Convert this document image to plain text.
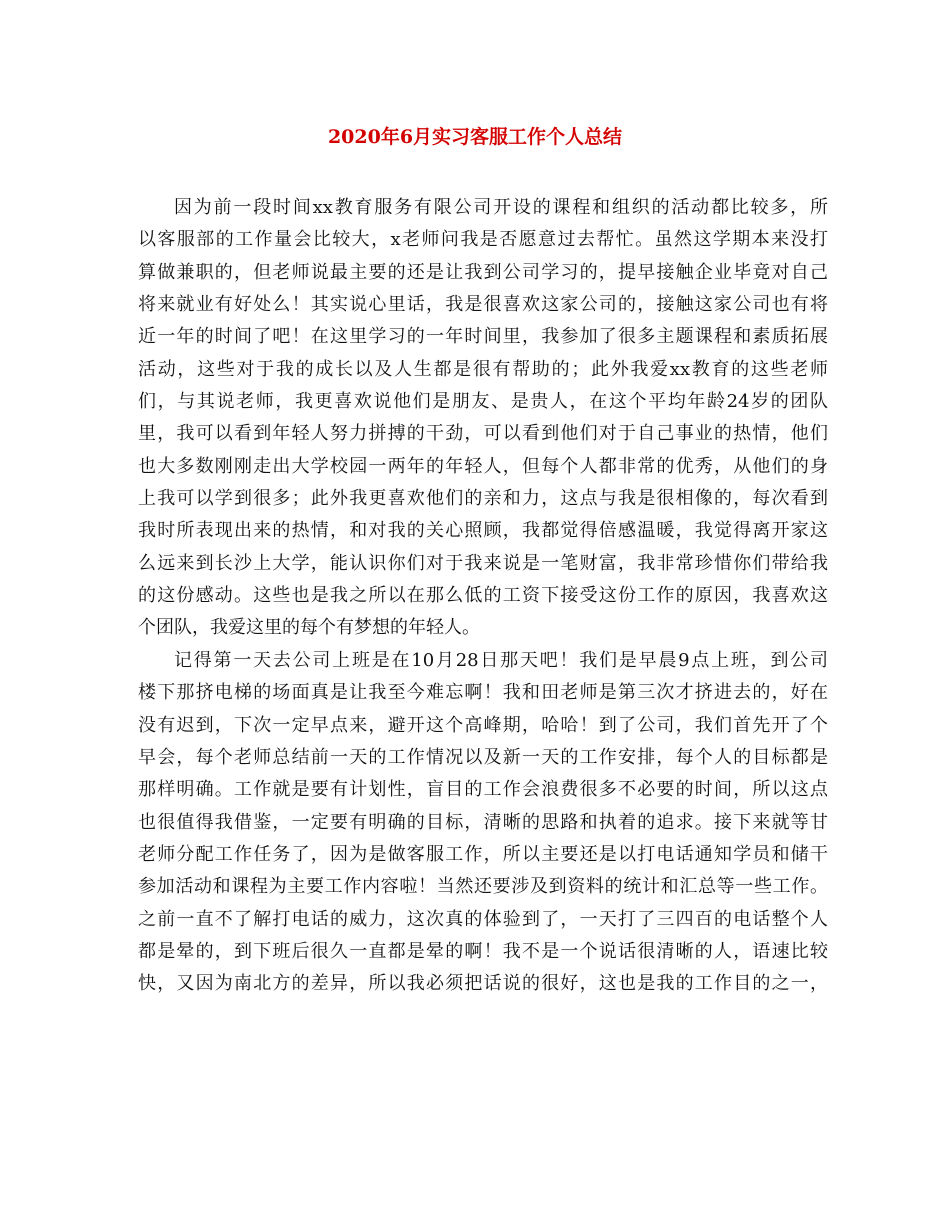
2020年6月实习客服工作个人总结
因为前一段时间xx教育服务有限公司开设的课程和组织的活动都比较多，所
以客服部的工作量会比较大，x老师问我是否愿意过去帮忙。虽然这学期本来没打
算做兼职的，但老师说最主要的还是让我到公司学习的，提早接触企业毕竟对自己
将来就业有好处么！其实说心里话，我是很喜欢这家公司的，接触这家公司也有将
近一年的时间了吧！在这里学习的一年时间里，我参加了很多主题课程和素质拓展
活动，这些对于我的成长以及人生都是很有帮助的；此外我爱xx教育的这些老师
们，与其说老师，我更喜欢说他们是朋友、是贵人，在这个平均年龄24岁的团队
里，我可以看到年轻人努力拼搏的干劲，可以看到他们对于自己事业的热情，他们
也大多数刚刚走出大学校园一两年的年轻人，但每个人都非常的优秀，从他们的身
上我可以学到很多；此外我更喜欢他们的亲和力，这点与我是很相像的，每次看到
我时所表现出来的热情，和对我的关心照顾，我都觉得倍感温暖，我觉得离开家这
么远来到长沙上大学，能认识你们对于我来说是一笔财富，我非常珍惜你们带给我
的这份感动。这些也是我之所以在那么低的工资下接受这份工作的原因，我喜欢这
个团队，我爱这里的每个有梦想的年轻人。
记得第一天去公司上班是在10月28日那天吧！我们是早晨9点上班，到公司
楼下那挤电梯的场面真是让我至今难忘啊！我和田老师是第三次才挤进去的，好在
没有迟到，下次一定早点来，避开这个高峰期，哈哈！到了公司，我们首先开了个
早会，每个老师总结前一天的工作情况以及新一天的工作安排，每个人的目标都是
那样明确。工作就是要有计划性，盲目的工作会浪费很多不必要的时间，所以这点
也很值得我借鉴，一定要有明确的目标，清晰的思路和执着的追求。接下来就等甘
老师分配工作任务了，因为是做客服工作，所以主要还是以打电话通知学员和储干
参加活动和课程为主要工作内容啦！当然还要涉及到资料的统计和汇总等一些工作。
之前一直不了解打电话的威力，这次真的体验到了，一天打了三四百的电话整个人
都是晕的，到下班后很久一直都是晕的啊！我不是一个说话很清晰的人，语速比较
快，又因为南北方的差异，所以我必须把话说的很好，这也是我的工作目的之一，
